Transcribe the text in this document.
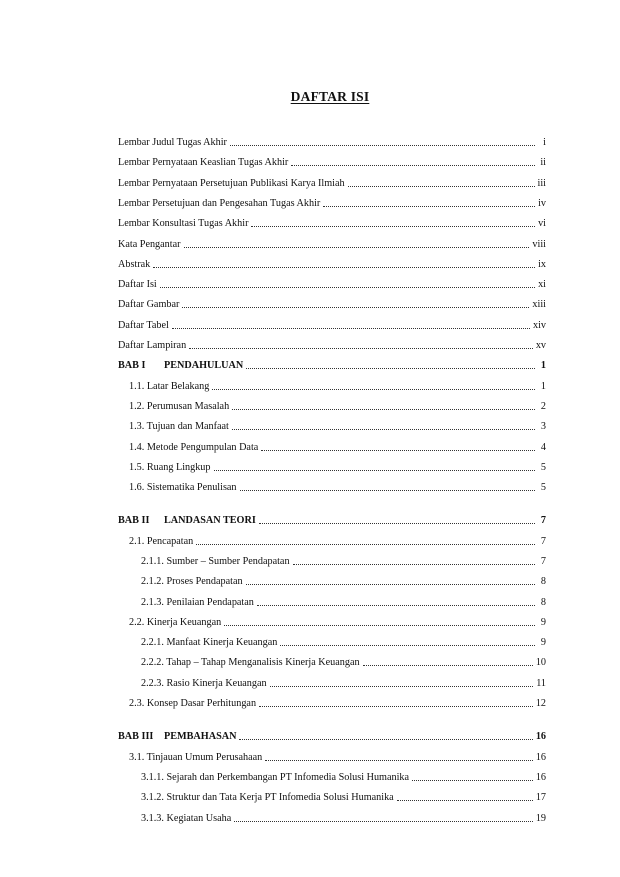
DAFTAR ISI
Lembar Judul Tugas Akhir	i
Lembar Pernyataan Keaslian Tugas Akhir	ii
Lembar Pernyataan Persetujuan Publikasi Karya Ilmiah	iii
Lembar Persetujuan dan Pengesahan Tugas Akhir	iv
Lembar Konsultasi Tugas Akhir	vi
Kata Pengantar	viii
Abstrak	ix
Daftar Isi	xi
Daftar Gambar	xiii
Daftar Tabel	xiv
Daftar Lampiran	xv
BAB I PENDAHULUAN	1
1.1. Latar Belakang	1
1.2. Perumusan Masalah	2
1.3. Tujuan dan Manfaat	3
1.4. Metode Pengumpulan Data	4
1.5. Ruang Lingkup	5
1.6. Sistematika Penulisan	5
BAB II LANDASAN TEORI	7
2.1. Pencapatan	7
2.1.1. Sumber – Sumber Pendapatan	7
2.1.2. Proses Pendapatan	8
2.1.3. Penilaian Pendapatan	8
2.2. Kinerja Keuangan	9
2.2.1. Manfaat Kinerja Keuangan	9
2.2.2. Tahap – Tahap Menganalisis Kinerja Keuangan	10
2.2.3. Rasio Kinerja Keuangan	11
2.3. Konsep Dasar Perhitungan	12
BAB III PEMBAHASAN	16
3.1. Tinjauan Umum Perusahaan	16
3.1.1. Sejarah dan Perkembangan PT Infomedia Solusi Humanika	16
3.1.2. Struktur dan Tata Kerja PT Infomedia Solusi Humanika	17
3.1.3. Kegiatan Usaha	19
